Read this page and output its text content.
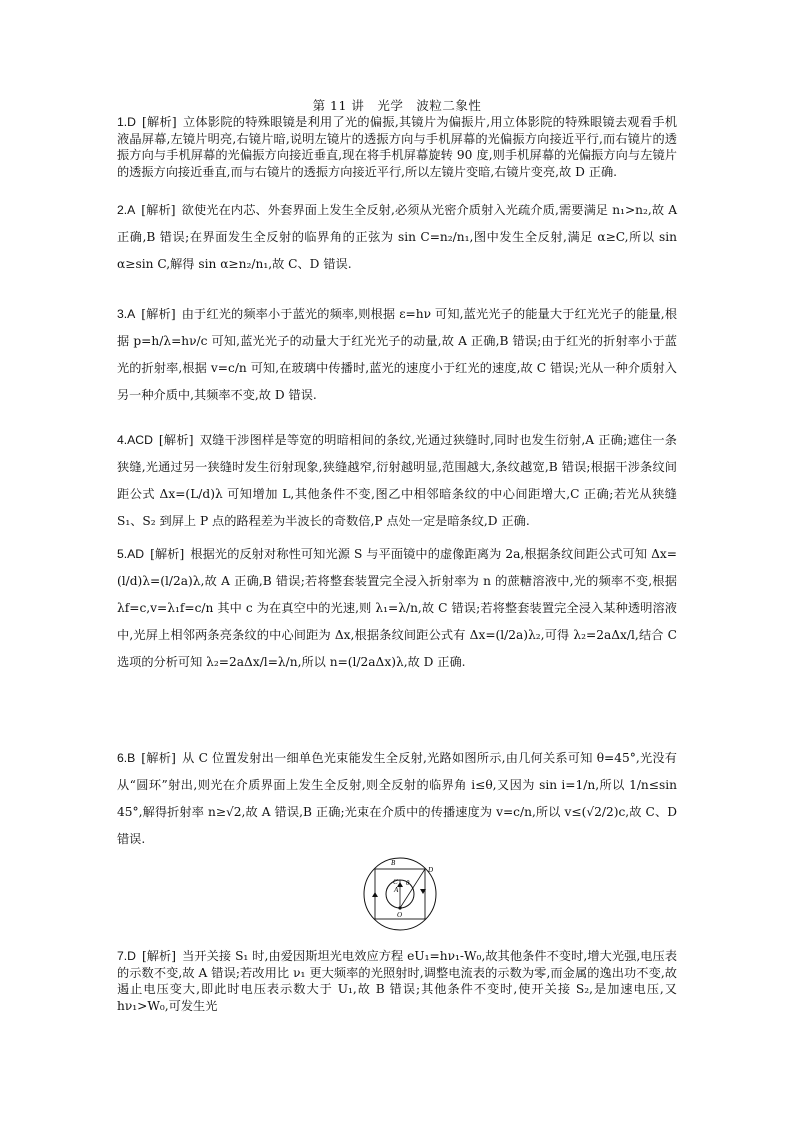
第 11 讲　光学　波粒二象性
1.D [解析] 立体影院的特殊眼镜是利用了光的偏振,其镜片为偏振片,用立体影院的特殊眼镜去观看手机液晶屏幕,左镜片明亮,右镜片暗,说明左镜片的透振方向与手机屏幕的光偏振方向接近平行,而右镜片的透振方向与手机屏幕的光偏振方向接近垂直,现在将手机屏幕旋转 90 度,则手机屏幕的光偏振方向与左镜片的透振方向接近垂直,而与右镜片的透振方向接近平行,所以左镜片变暗,右镜片变亮,故 D 正确.
2.A [解析] 欲使光在内芯、外套界面上发生全反射,必须从光密介质射入光疏介质,需要满足 n₁>n₂,故 A 正确,B 错误;在界面发生全反射的临界角的正弦为 sin C=n₂/n₁,图中发生全反射,满足 α≥C,所以 sin α≥sin C,解得 sin α≥n₂/n₁,故 C、D 错误.
3.A [解析] 由于红光的频率小于蓝光的频率,则根据 ε=hν 可知,蓝光光子的能量大于红光光子的能量,根据 p=h/λ=hν/c 可知,蓝光光子的动量大于红光光子的动量,故 A 正确,B 错误;由于红光的折射率小于蓝光的折射率,根据 v=c/n 可知,在玻璃中传播时,蓝光的速度小于红光的速度,故 C 错误;光从一种介质射入另一种介质中,其频率不变,故 D 错误.
4.ACD [解析] 双缝干涉图样是等宽的明暗相间的条纹,光通过狭缝时,同时也发生衍射,A 正确;遮住一条狭缝,光通过另一狭缝时发生衍射现象,狭缝越窄,衍射越明显,范围越大,条纹越宽,B 错误;根据干涉条纹间距公式 Δx=(L/d)λ 可知增加 L,其他条件不变,图乙中相邻暗条纹的中心间距增大,C 正确;若光从狭缝 S₁、S₂ 到屏上 P 点的路程差为半波长的奇数倍,P 点处一定是暗条纹,D 正确.
5.AD [解析] 根据光的反射对称性可知光源 S 与平面镜中的虚像距离为 2a,根据条纹间距公式可知 Δx=(l/d)λ=(l/2a)λ,故 A 正确,B 错误;若将整套装置完全浸入折射率为 n 的蔗糖溶液中,光的频率不变,根据 λf=c,v=λ₁f=c/n 其中 c 为在真空中的光速,则 λ₁=λ/n,故 C 错误;若将整套装置完全浸入某种透明溶液中,光屏上相邻两条亮条纹的中心间距为 Δx,根据条纹间距公式有 Δx=(l/2a)λ₂,可得 λ₂=2aΔx/l,结合 C 选项的分析可知 λ₂=2aΔx/l=λ/n,所以 n=(l/2aΔx)λ,故 D 正确.
6.B [解析] 从 C 位置发射出一细单色光束能发生全反射,光路如图所示,由几何关系可知 θ=45°,光没有从“圆环”射出,则光在介质界面上发生全反射,则全反射的临界角 i≤θ,又因为 sin i=1/n,所以 1/n≤sin 45°,解得折射率 n≥√2,故 A 错误,B 正确;光束在介质中的传播速度为 v=c/n,所以 v≤(√2/2)c,故 C、D 错误.
B
C
A
θ
O
D
7.D [解析] 当开关接 S₁ 时,由爱因斯坦光电效应方程 eU₁=hν₁-W₀,故其他条件不变时,增大光强,电压表的示数不变,故 A 错误;若改用比 ν₁ 更大频率的光照射时,调整电流表的示数为零,而金属的逸出功不变,故遏止电压变大,即此时电压表示数大于 U₁,故 B 错误;其他条件不变时,使开关接 S₂,是加速电压,又 hν₁>W₀,可发生光
